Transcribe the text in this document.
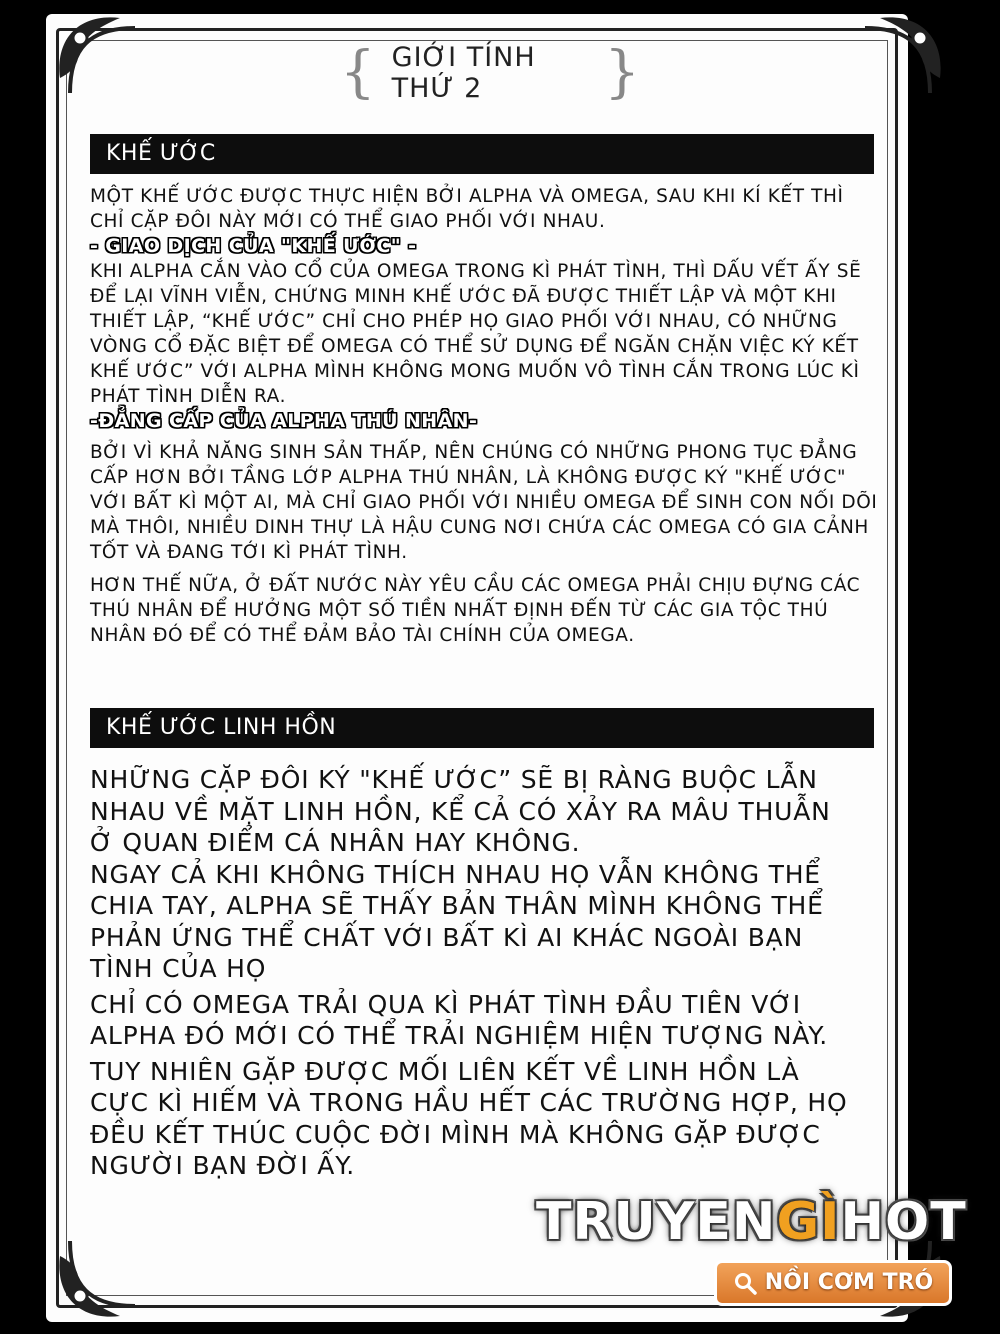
{ GIỚI TÍNH THỨ 2	}
KHẾ ƯỚC

MỘT KHẾ ƯỚC ĐƯỢC THỰC HIỆN BỞI ALPHA VÀ OMEGA, SAU KHI KÍ KẾT THÌ CHỈ CẶP ĐÔI NÀY MỚI CÓ THỂ GIAO PHỐI VỚI NHAU.

- GIAO DỊCH CỦA "KHẾ ƯỚC" -

KHI ALPHA CẮN VÀO CỔ CỦA OMEGA TRONG KÌ PHÁT TÌNH, THÌ DẤU VẾT ẤY SẼ ĐỂ LẠI VĨNH VIỄN, CHỨNG MINH KHẾ ƯỚC ĐÃ ĐƯỢC THIẾT LẬP VÀ MỘT KHI THIẾT LẬP, “KHẾ ƯỚC” CHỈ CHO PHÉP HỌ GIAO PHỐI VỚI NHAU, CÓ NHỮNG VÒNG CỔ ĐẶC BIỆT ĐỂ OMEGA CÓ THỂ SỬ DỤNG ĐỂ NGĂN CHẶN VIỆC KÝ KẾT KHẾ ƯỚC” VỚI ALPHA MÌNH KHÔNG MONG MUỐN VÔ TÌNH CẮN TRONG LÚC KÌ PHÁT TÌNH DIỄN RA.

-ĐẲNG CẤP CỦA ALPHA THÚ NHÂN-

BỞI VÌ KHẢ NĂNG SINH SẢN THẤP, NÊN CHÚNG CÓ NHỮNG PHONG TỤC ĐẲNG CẤP HƠN BỞI TẦNG LỚP ALPHA THÚ NHÂN, LÀ KHÔNG ĐƯỢC KÝ "KHẾ ƯỚC" VỚI BẤT KÌ MỘT AI, MÀ CHỈ GIAO PHỐI VỚI NHIỀU OMEGA ĐỂ SINH CON NỐI DÕI MÀ THÔI, NHIỀU DINH THỰ LÀ HẬU CUNG NƠI CHỨA CÁC OMEGA CÓ GIA CẢNH TỐT VÀ ĐANG TỚI KÌ PHÁT TÌNH.

HƠN THẾ NỮA, Ở ĐẤT NƯỚC NÀY YÊU CẦU CÁC OMEGA PHẢI CHỊU ĐỰNG CÁC THÚ NHÂN ĐỂ HƯỞNG MỘT SỐ TIỀN NHẤT ĐỊNH ĐẾN TỪ CÁC GIA TỘC THÚ NHÂN ĐÓ ĐỂ CÓ THỂ ĐẢM BẢO TÀI CHÍNH CỦA OMEGA.

KHẾ ƯỚC LINH HỒN

NHỮNG CẶP ĐÔI KÝ "KHẾ ƯỚC” SẼ BỊ RÀNG BUỘC LẪN NHAU VỀ MẶT LINH HỒN, KỂ CẢ CÓ XẢY RA MÂU THUẪN Ở QUAN ĐIỂM CÁ NHÂN HAY KHÔNG.

NGAY CẢ KHI KHÔNG THÍCH NHAU HỌ VẪN KHÔNG THỂ CHIA TAY, ALPHA SẼ THẤY BẢN THÂN MÌNH KHÔNG THỂ PHẢN ỨNG THỂ CHẤT VỚI BẤT KÌ AI KHÁC NGOÀI BẠN TÌNH CỦA HỌ

CHỈ CÓ OMEGA TRẢI QUA KÌ PHÁT TÌNH ĐẦU TIÊN VỚI ALPHA ĐÓ MỚI CÓ THỂ TRẢI NGHIỆM HIỆN TƯỢNG NÀY.

TUY NHIÊN GẶP ĐƯỢC MỐI LIÊN KẾT VỀ LINH HỒN LÀ CỰC KÌ HIẾM VÀ TRONG HẦU HẾT CÁC TRƯỜNG HỢP, HỌ ĐỀU KẾT THÚC CUỘC ĐỜI MÌNH MÀ KHÔNG GẶP ĐƯỢC NGƯỜI BẠN ĐỜI ẤY.

TRUYENGÌHOT
NỒI CƠM TRÓ
